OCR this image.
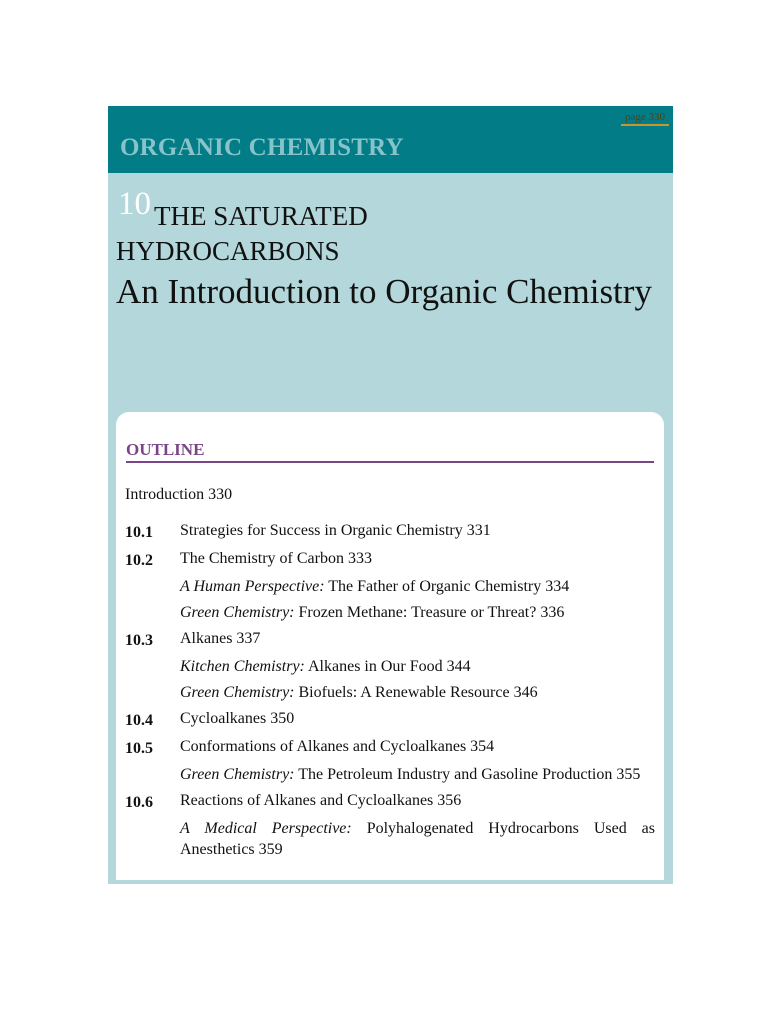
page 330
ORGANIC CHEMISTRY
10 THE SATURATED
HYDROCARBONS
An Introduction to Organic Chemistry
OUTLINE
Introduction 330
10.1	Strategies for Success in Organic Chemistry 331
10.2	The Chemistry of Carbon 333
A Human Perspective: The Father of Organic Chemistry 334
Green Chemistry: Frozen Methane: Treasure or Threat? 336
10.3	Alkanes 337
Kitchen Chemistry: Alkanes in Our Food 344
Green Chemistry: Biofuels: A Renewable Resource 346
10.4	Cycloalkanes 350
10.5	Conformations of Alkanes and Cycloalkanes 354
Green Chemistry: The Petroleum Industry and Gasoline Production 355
10.6	Reactions of Alkanes and Cycloalkanes 356
A Medical Perspective: Polyhalogenated Hydrocarbons Used as Anesthetics 359
